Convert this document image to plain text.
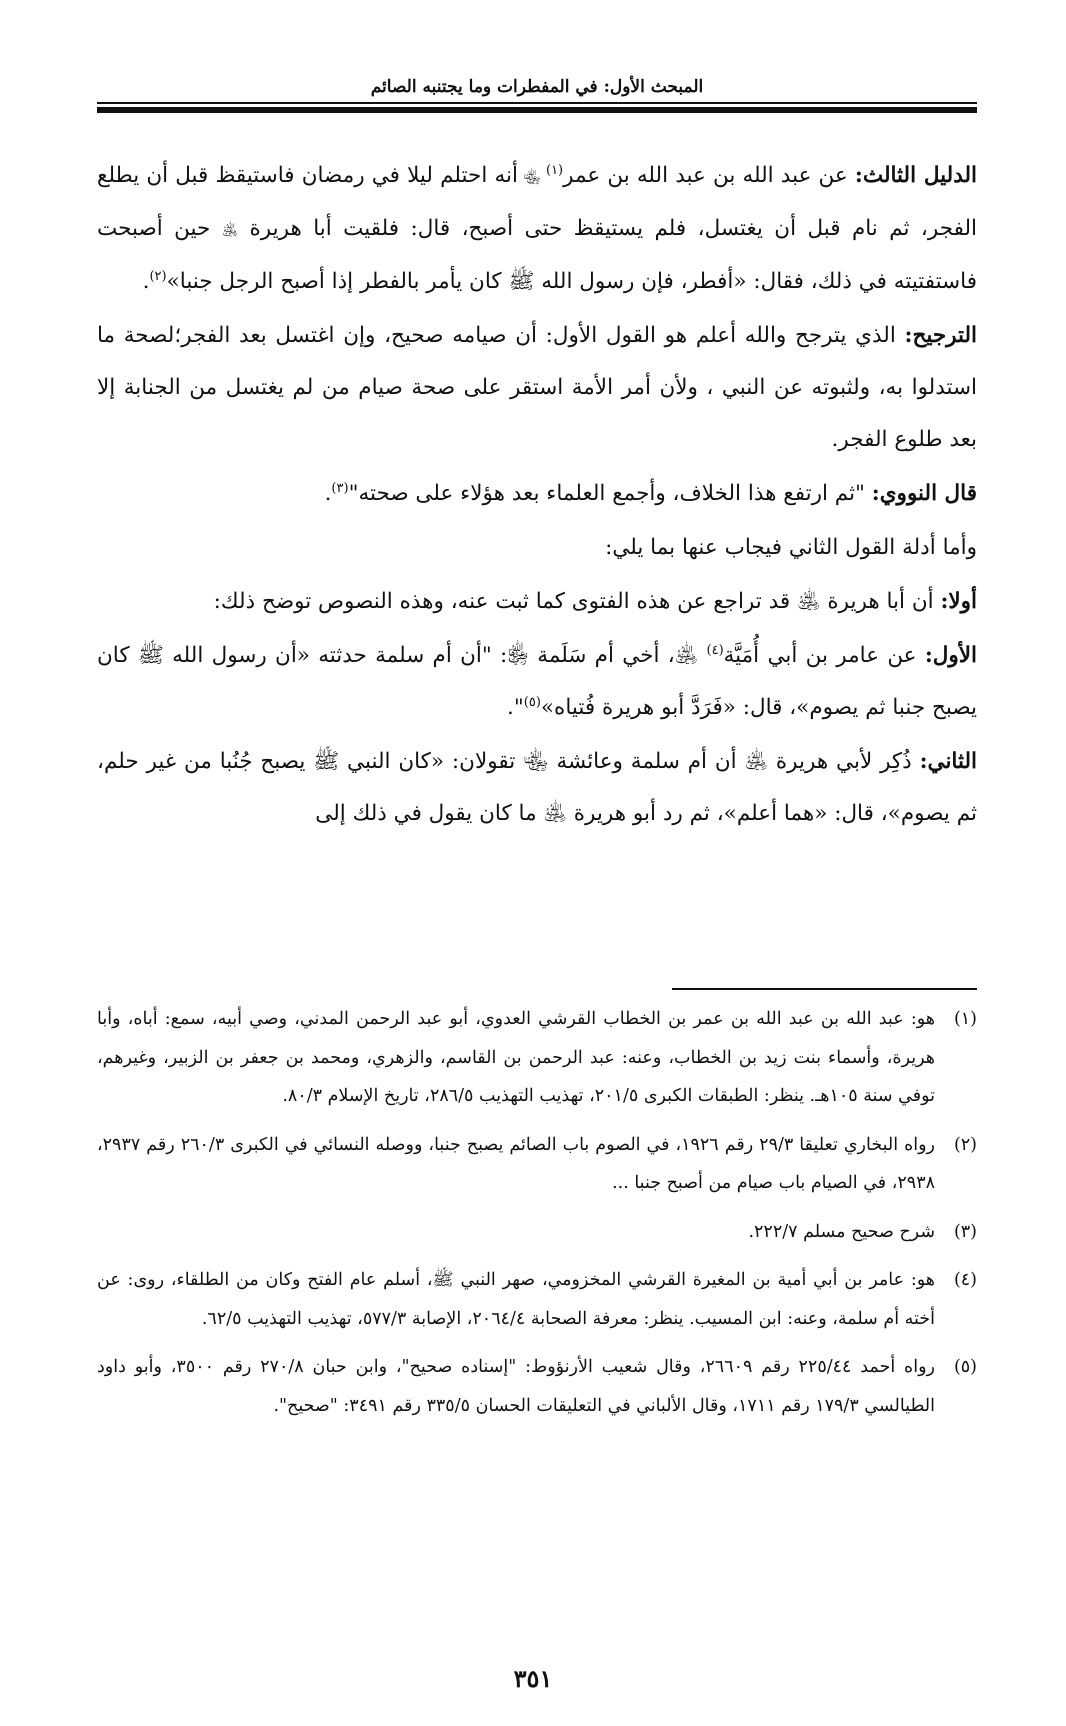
المبحث الأول: في المفطرات وما يجتنبه الصائم

الدليل الثالث: عن عبد الله بن عبد الله بن عمر$^{(١)}$ ﵄ أنه احتلم ليلا في رمضان فاستيقظ قبل أن يطلع الفجر، ثم نام قبل أن يغتسل، فلم يستيقظ حتى أصبح، قال: فلقيت أبا هريرة ﵁ حين أصبحت فاستفتيته في ذلك، فقال: «أفطر، فإن رسول الله ﷺ كان يأمر بالفطر إذا أصبح الرجل جنبا»$^{(٢)}$.

الترجيح: الذي يترجح والله أعلم هو القول الأول: أن صيامه صحيح، وإن اغتسل بعد الفجر؛لصحة ما استدلوا به، ولثبوته عن النبي ، ولأن أمر الأمة استقر على صحة صيام من لم يغتسل من الجنابة إلا بعد طلوع الفجر.

قال النووي: "ثم ارتفع هذا الخلاف، وأجمع العلماء بعد هؤلاء على صحته"$^{(٣)}$.

وأما أدلة القول الثاني فيجاب عنها بما يلي:

أولا: أن أبا هريرة ﵁ قد تراجع عن هذه الفتوى كما ثبت عنه، وهذه النصوص توضح ذلك:

الأول: عن عامر بن أبي أُمَيَّة$^{(٤)}$ ﵁، أخي أم سَلَمة ﵂: "أن أم سلمة حدثته «أن رسول الله ﷺ كان يصبح جنبا ثم يصوم»، قال: «فَرَدَّ أبو هريرة فُتياه»$^{(٥)}$".

الثاني: ذُكِر لأبي هريرة ﵁ أن أم سلمة وعائشة ﵄ تقولان: «كان النبي ﷺ يصبح جُنُبا من غير حلم، ثم يصوم»، قال: «هما أعلم»، ثم رد أبو هريرة ﵁ ما كان يقول في ذلك إلى

(١)
هو: عبد الله بن عبد الله بن عمر بن الخطاب القرشي العدوي، أبو عبد الرحمن المدني، وصي أبيه، سمع: أباه، وأبا هريرة، وأسماء بنت زيد بن الخطاب، وعنه: عبد الرحمن بن القاسم، والزهري، ومحمد بن جعفر بن الزبير، وغيرهم، توفي سنة ١٠٥هـ. ينظر: الطبقات الكبرى ٢٠١/٥، تهذيب التهذيب ٢٨٦/٥، تاريخ الإسلام ٨٠/٣.

(٢)
رواه البخاري تعليقا ٢٩/٣ رقم ١٩٢٦، في الصوم باب الصائم يصبح جنبا، ووصله النسائي في الكبرى ٢٦٠/٣ رقم ٢٩٣٧، ٢٩٣٨، في الصيام باب صيام من أصبح جنبا ...

(٣)
شرح صحيح مسلم ٢٢٢/٧.

(٤)
هو: عامر بن أبي أمية بن المغيرة القرشي المخزومي، صهر النبي ﷺ، أسلم عام الفتح وكان من الطلقاء، روى: عن أخته أم سلمة، وعنه: ابن المسيب. ينظر: معرفة الصحابة ٢٠٦٤/٤، الإصابة ٥٧٧/٣، تهذيب التهذيب ٦٢/٥.

(٥)
رواه أحمد ٢٢٥/٤٤ رقم ٢٦٦٠٩، وقال شعيب الأرنؤوط: "إسناده صحيح"، وابن حبان ٢٧٠/٨ رقم ٣٥٠٠، وأبو داود الطيالسي ١٧٩/٣ رقم ١٧١١، وقال الألباني في التعليقات الحسان ٣٣٥/٥ رقم ٣٤٩١: "صحيح".

٣٥١
